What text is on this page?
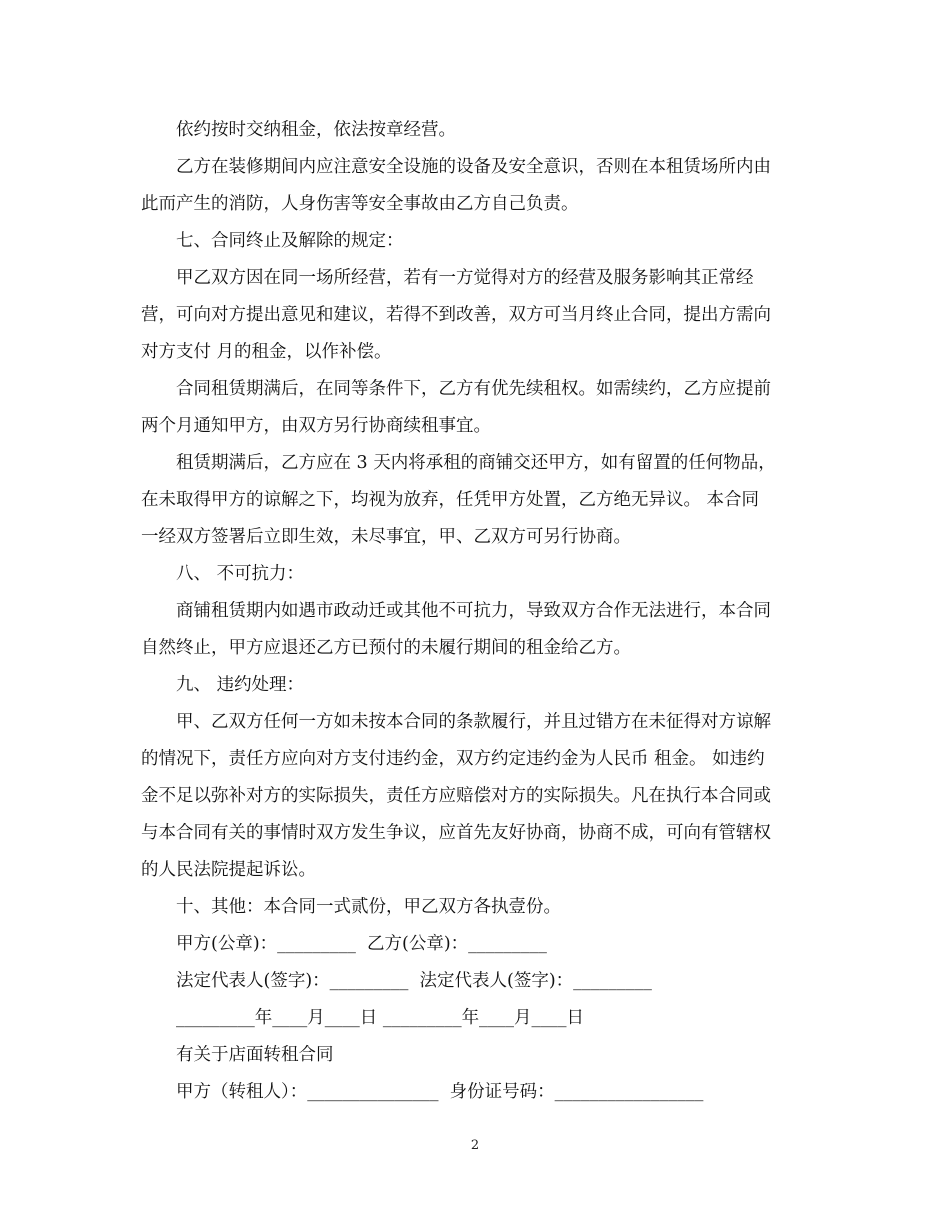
依约按时交纳租金，依法按章经营。
乙方在装修期间内应注意安全设施的设备及安全意识，否则在本租赁场所内由
此而产生的消防，人身伤害等安全事故由乙方自己负责。
七、合同终止及解除的规定：
甲乙双方因在同一场所经营，若有一方觉得对方的经营及服务影响其正常经
营，可向对方提出意见和建议，若得不到改善，双方可当月终止合同，提出方需向
对方支付 月的租金，以作补偿。
合同租赁期满后，在同等条件下，乙方有优先续租权。如需续约，乙方应提前
两个月通知甲方，由双方另行协商续租事宜。
租赁期满后，乙方应在 3 天内将承租的商铺交还甲方，如有留置的任何物品，
在未取得甲方的谅解之下，均视为放弃，任凭甲方处置，乙方绝无异议。 本合同
一经双方签署后立即生效，未尽事宜，甲、乙双方可另行协商。
八、 不可抗力：
商铺租赁期内如遇市政动迁或其他不可抗力，导致双方合作无法进行，本合同
自然终止，甲方应退还乙方已预付的未履行期间的租金给乙方。
九、 违约处理：
甲、乙双方任何一方如未按本合同的条款履行，并且过错方在未征得对方谅解
的情况下，责任方应向对方支付违约金，双方约定违约金为人民币 租金。 如违约
金不足以弥补对方的实际损失，责任方应赔偿对方的实际损失。凡在执行本合同或
与本合同有关的事情时双方发生争议，应首先友好协商，协商不成，可向有管辖权
的人民法院提起诉讼。
十、其他：本合同一式贰份，甲乙双方各执壹份。
甲方(公章)：_________  乙方(公章)：_________
法定代表人(签字)：_________  法定代表人(签字)：_________
_________年____月____日 _________年____月____日
有关于店面转租合同
甲方（转租人）：_______________  身份证号码：_________________
2
